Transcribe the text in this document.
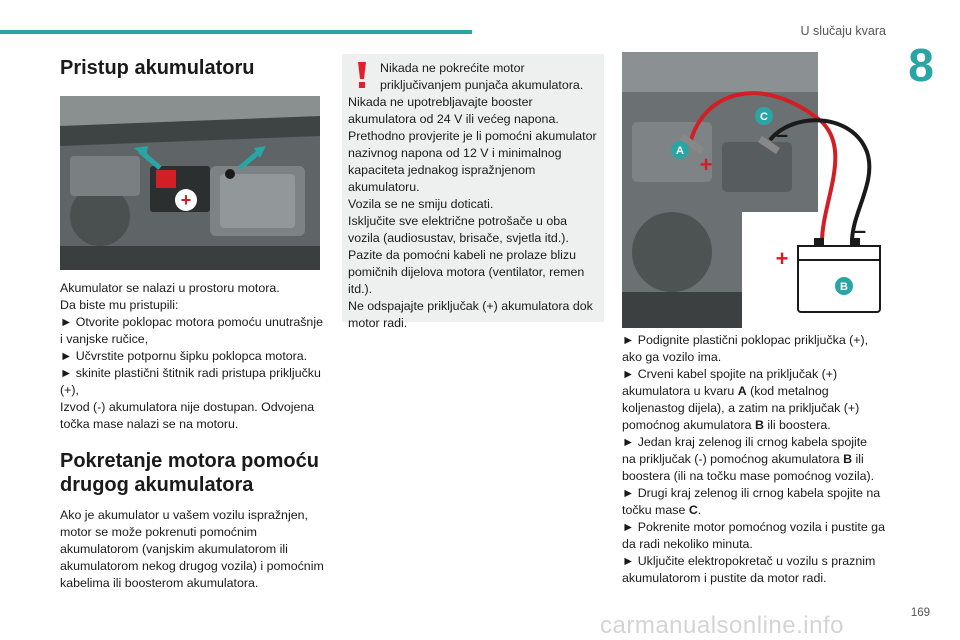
U slučaju kvara
8
Pristup akumulatoru
+
Akumulator se nalazi u prostoru motora.
Da biste mu pristupili:
► Otvorite poklopac motora pomoću unutrašnje
i vanjske ručice,
► Učvrstite potpornu šipku poklopca motora.
► skinite plastični štitnik radi pristupa priključku
(+),
Izvod (-) akumulatora nije dostupan. Odvojena
točka mase nalazi se na motoru.
Pokretanje motora pomoću
drugog akumulatora
Ako je akumulator u vašem vozilu ispražnjen,
motor se može pokrenuti pomoćnim
akumulatorom (vanjskim akumulatorom ili
akumulatorom nekog drugog vozila) i pomoćnim
kabelima ili boosterom akumulatora.
Nikada ne pokrećite motor
priključivanjem punjača akumulatora.
Nikada ne upotrebljavajte booster
akumulatora od 24 V ili većeg napona.
Prethodno provjerite je li pomoćni akumulator
nazivnog napona od 12 V i minimalnog
kapaciteta jednakog ispražnjenom
akumulatoru.
Vozila se ne smiju doticati.
Isključite sve električne potrošače u oba
vozila (audiosustav, brisače, svjetla itd.).
Pazite da pomoćni kabeli ne prolaze blizu
pomičnih dijelova motora (ventilator, remen
itd.).
Ne odspajajte priključak (+) akumulatora dok
motor radi.
+
+
–
–
A
B
C
► Podignite plastični poklopac priključka (+),
ako ga vozilo ima.
► Crveni kabel spojite na priključak (+)
akumulatora u kvaru A (kod metalnog
koljenastog dijela), a zatim na priključak (+)
pomoćnog akumulatora B ili boostera.
► Jedan kraj zelenog ili crnog kabela spojite
na priključak (-) pomoćnog akumulatora B ili
boostera (ili na točku mase pomoćnog vozila).
► Drugi kraj zelenog ili crnog kabela spojite na
točku mase C.
► Pokrenite motor pomoćnog vozila i pustite ga
da radi nekoliko minuta.
► Uključite elektropokretač u vozilu s praznim
akumulatorom i pustite da motor radi.
169
carmanualsonline.info
